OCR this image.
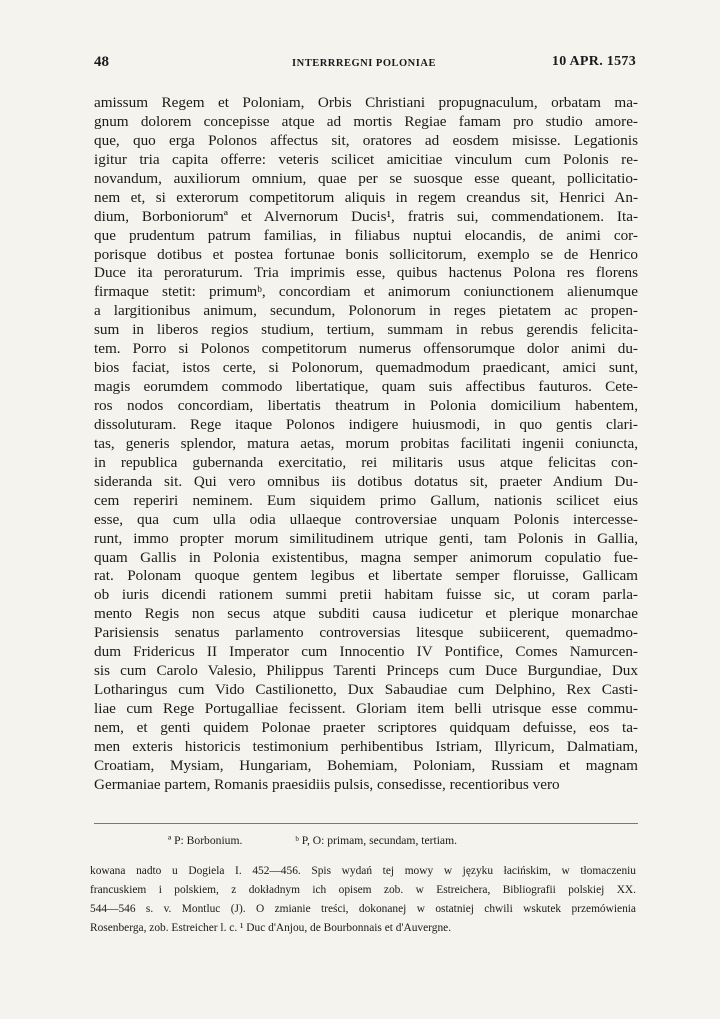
48	INTERRREGNI POLONIAE	10 APR. 1573
amissum Regem et Poloniam, Orbis Christiani propugnaculum, orbatam ma-
gnum dolorem concepisse atque ad mortis Regiae famam pro studio amore-
que, quo erga Polonos affectus sit, oratores ad eosdem misisse. Legationis
igitur tria capita offerre: veteris scilicet amicitiae vinculum cum Polonis re-
novandum, auxiliorum omnium, quae per se suosque esse queant, pollicitatio-
nem et, si exterorum competitorum aliquis in regem creandus sit, Henrici An-
dium, Borboniorumª et Alvernorum Ducis¹, fratris sui, commendationem. Ita-
que prudentum patrum familias, in filiabus nuptui elocandis, de animi cor-
porisque dotibus et postea fortunae bonis sollicitorum, exemplo se de Henrico
Duce ita peroraturum. Tria imprimis esse, quibus hactenus Polona res florens
firmaque stetit: primumᵇ, concordiam et animorum coniunctionem alienumque
a largitionibus animum, secundum, Polonorum in reges pietatem ac propen-
sum in liberos regios studium, tertium, summam in rebus gerendis felicita-
tem. Porro si Polonos competitorum numerus offensorumque dolor animi du-
bios faciat, istos certe, si Polonorum, quemadmodum praedicant, amici sunt,
magis eorumdem commodo libertatique, quam suis affectibus fauturos. Cete-
ros nodos concordiam, libertatis theatrum in Polonia domicilium habentem,
dissoluturam. Rege itaque Polonos indigere huiusmodi, in quo gentis clari-
tas, generis splendor, matura aetas, morum probitas facilitati ingenii coniuncta,
in republica gubernanda exercitatio, rei militaris usus atque felicitas con-
sideranda sit. Qui vero omnibus iis dotibus dotatus sit, praeter Andium Du-
cem reperiri neminem. Eum siquidem primo Gallum, nationis scilicet eius
esse, qua cum ulla odia ullaeque controversiae unquam Polonis intercesse-
runt, immo propter morum similitudinem utrique genti, tam Polonis in Gallia,
quam Gallis in Polonia existentibus, magna semper animorum copulatio fue-
rat. Polonam quoque gentem legibus et libertate semper floruisse, Gallicam
ob iuris dicendi rationem summi pretii habitam fuisse sic, ut coram parla-
mento Regis non secus atque subditi causa iudicetur et plerique monarchae
Parisiensis senatus parlamento controversias litesque subiicerent, quemadmo-
dum Fridericus II Imperator cum Innocentio IV Pontifice, Comes Namurcen-
sis cum Carolo Valesio, Philippus Tarenti Princeps cum Duce Burgundiae, Dux
Lotharingus cum Vido Castilionetto, Dux Sabaudiae cum Delphino, Rex Casti-
liae cum Rege Portugalliae fecissent. Gloriam item belli utrisque esse commu-
nem, et genti quidem Polonae praeter scriptores quidquam defuisse, eos ta-
men exteris historicis testimonium perhibentibus Istriam, Illyricum, Dalmatiam,
Croatiam, Mysiam, Hungariam, Bohemiam, Poloniam, Russiam et magnam
Germaniae partem, Romanis praesidiis pulsis, consedisse, recentioribus vero
ª P: Borbonium.	ᵇ P, O: primam, secundam, tertiam.
kowana nadto u Dogiela I. 452—456. Spis wydań tej mowy w języku łacińskim, w tłomaczeniu
francuskiem i polskiem, z dokładnym ich opisem zob. w Estreichera, Bibliografii polskiej XX.
544—546 s. v. Montluc (J). O zmianie treści, dokonanej w ostatniej chwili wskutek przemówienia
Rosenberga, zob. Estreicher l. c. ¹ Duc d'Anjou, de Bourbonnais et d'Auvergne.
